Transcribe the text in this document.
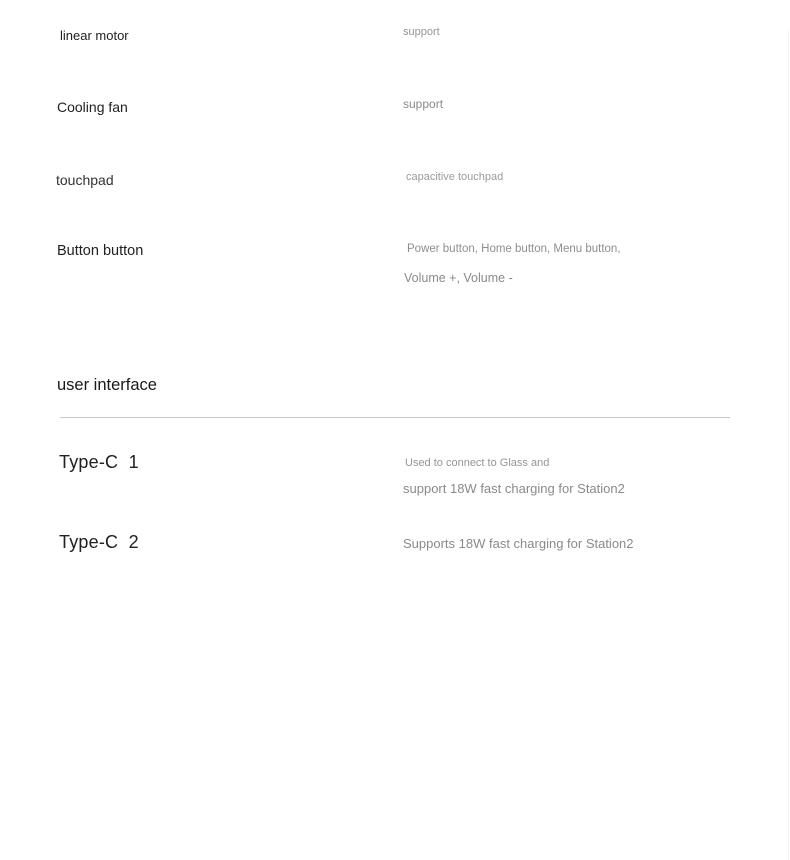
linear motor	support
Cooling fan	support
touchpad	capacitive touchpad
Button button	Power button, Home button, Menu button,
Volume +, Volume -
user interface
Type-C  1	Used to connect to Glass and
support 18W fast charging for Station2
Type-C  2	Supports 18W fast charging for Station2
